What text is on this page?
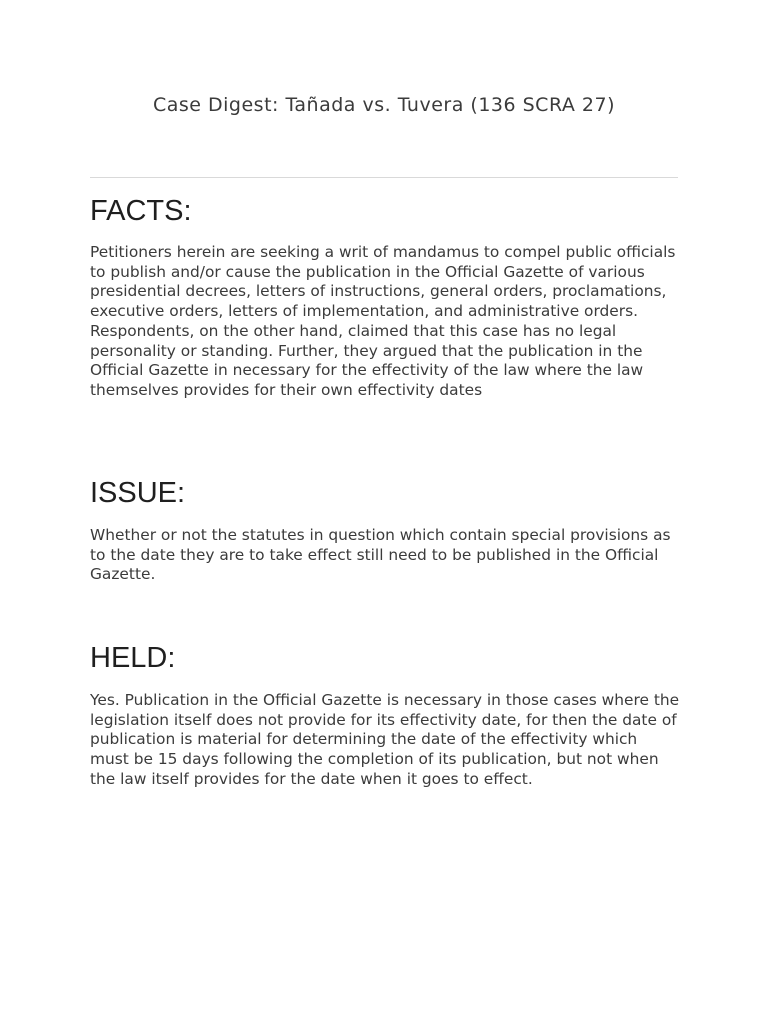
Case Digest: Tañada vs. Tuvera (136 SCRA 27)
FACTS:

Petitioners herein are seeking a writ of mandamus to compel public officials to publish and/or cause the publication in the Official Gazette of various presidential decrees, letters of instructions, general orders, proclamations, executive orders, letters of implementation, and administrative orders. Respondents, on the other hand, claimed that this case has no legal personality or standing. Further, they argued that the publication in the Official Gazette in necessary for the effectivity of the law where the law themselves provides for their own effectivity dates

ISSUE:

Whether or not the statutes in question which contain special provisions as to the date they are to take effect still need to be published in the Official Gazette.

HELD:

Yes. Publication in the Official Gazette is necessary in those cases where the legislation itself does not provide for its effectivity date, for then the date of publication is material for determining the date of the effectivity which must be 15 days following the completion of its publication, but not when the law itself provides for the date when it goes to effect.
